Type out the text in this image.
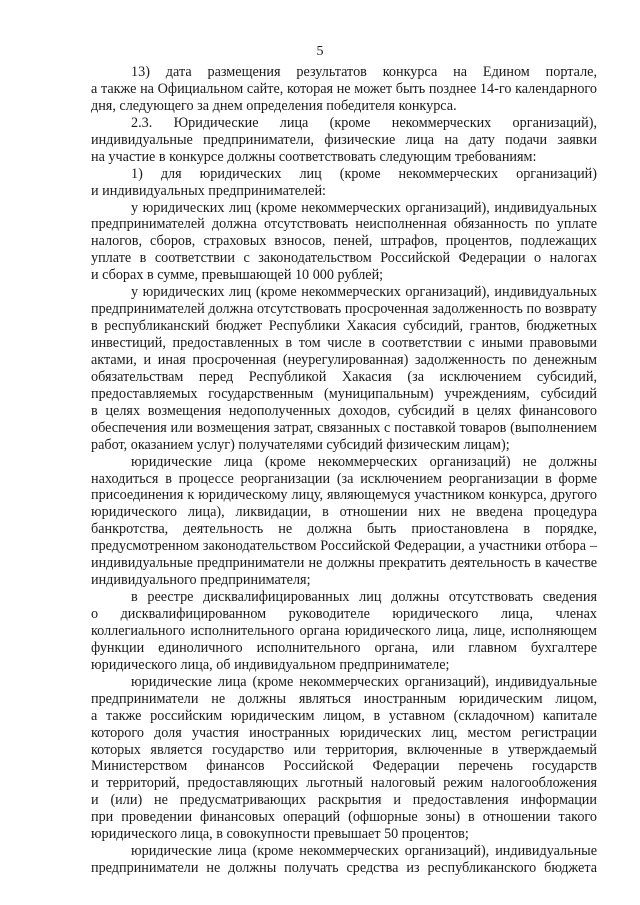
5
13) дата размещения результатов конкурса на Едином портале,
а также на Официальном сайте, которая не может быть позднее 14-го календарного
дня, следующего за днем определения победителя конкурса.
2.3. Юридические лица (кроме некоммерческих организаций),
индивидуальные предприниматели, физические лица на дату подачи заявки
на участие в конкурсе должны соответствовать следующим требованиям:
1) для юридических лиц (кроме некоммерческих организаций)
и индивидуальных предпринимателей:
у юридических лиц (кроме некоммерческих организаций), индивидуальных
предпринимателей должна отсутствовать неисполненная обязанность по уплате
налогов, сборов, страховых взносов, пеней, штрафов, процентов, подлежащих
уплате в соответствии с законодательством Российской Федерации о налогах
и сборах в сумме, превышающей 10 000 рублей;
у юридических лиц (кроме некоммерческих организаций), индивидуальных
предпринимателей должна отсутствовать просроченная задолженность по возврату
в республиканский бюджет Республики Хакасия субсидий, грантов, бюджетных
инвестиций, предоставленных в том числе в соответствии с иными правовыми
актами, и иная просроченная (неурегулированная) задолженность по денежным
обязательствам перед Республикой Хакасия (за исключением субсидий,
предоставляемых государственным (муниципальным) учреждениям, субсидий
в целях возмещения недополученных доходов, субсидий в целях финансового
обеспечения или возмещения затрат, связанных с поставкой товаров (выполнением
работ, оказанием услуг) получателями субсидий физическим лицам);
юридические лица (кроме некоммерческих организаций) не должны
находиться в процессе реорганизации (за исключением реорганизации в форме
присоединения к юридическому лицу, являющемуся участником конкурса, другого
юридического лица), ликвидации, в отношении них не введена процедура
банкротства, деятельность не должна быть приостановлена в порядке,
предусмотренном законодательством Российской Федерации, а участники отбора –
индивидуальные предприниматели не должны прекратить деятельность в качестве
индивидуального предпринимателя;
в реестре дисквалифицированных лиц должны отсутствовать сведения
о дисквалифицированном руководителе юридического лица, членах
коллегиального исполнительного органа юридического лица, лице, исполняющем
функции единоличного исполнительного органа, или главном бухгалтере
юридического лица, об индивидуальном предпринимателе;
юридические лица (кроме некоммерческих организаций), индивидуальные
предприниматели не должны являться иностранным юридическим лицом,
а также российским юридическим лицом, в уставном (складочном) капитале
которого доля участия иностранных юридических лиц, местом регистрации
которых является государство или территория, включенные в утверждаемый
Министерством финансов Российской Федерации перечень государств
и территорий, предоставляющих льготный налоговый режим налогообложения
и (или) не предусматривающих раскрытия и предоставления информации
при проведении финансовых операций (офшорные зоны) в отношении такого
юридического лица, в совокупности превышает 50 процентов;
юридические лица (кроме некоммерческих организаций), индивидуальные
предприниматели не должны получать средства из республиканского бюджета
